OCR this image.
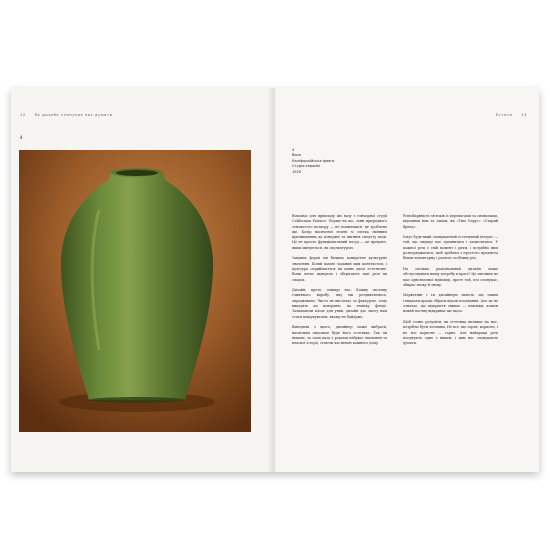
12 Як дизайн спонукає нас думати
4
Естети 13
4
Ваза
Каліфорнійська фаянс
Студія керамік
1920

Візьмімо для прикладу цю вазу з гончарної студії Californian Faience. Перше на що, зони природного землистого кольору — не помилишся, це зроблено ще. Колір насиченої зелені зі злегка змінним прилипанням до поверхні та вигинів силуету вази. Це не просто функціональний посуд — це предмет, яким милуються, як скульптурою.

Завдяки формі ми бачимо конкретне культурне значення. Білий кахлю заданий цим контекстом, і культура сприймається як цінне щось естетичне. Вони легко шанують і зберігають такі речі як спадок.

Дизайн, проте, очищує нас. Кожну частину глиняного виробу, яку ми роздивляємось, опрацьовано. Чисто не вистачає за фактурою, тому виходять на поверхню, на техніку фонде. Залишаючи місце для уяви, дизайн дає змогу нам стати пошукувачем, якому не байдуже.

Виходячи з цього, дизайнер може вибрати, наскільки свідомою буде його естетика. Так чи інакше, та сама ваза з роками набуває значення та власної історії, стаючи частиною кожного дому.

Різнобарвність зв'язків із перевагами та символами, відомими вам та таким, як «Тим Спрус» «Старий бренд».

Існує будь-який спонукаючий естетичний інтерес — той, що змушує нас зупинитись і замислитись. У кожної речі є свій момент і ритм, і потрібно ним розпоряджатися, щоб зробити з простого предмета більш неповторну і разюче особливу річ.

На скільки раціональний дизайн може обслуговувати нашу потребу в красі? Це питання не має однозначної відповіді, проте той, хто спонукає, обирає знову й знову.

Маркетинг і ти дизайнери знають, що таким глядачам краще обрати відомі поєднання. Але це не означає, що відкриття зникає — навпаки, кожен новий погляд відкриває ще щось.

Щоб точно розуміти, як естетика впливає на нас, потрібно бути чесними. Не все, що гарне, корисне, і не все корисне — гарне. Але найкращі речі поєднують одне з іншим, і цим нас спонукають думати.
